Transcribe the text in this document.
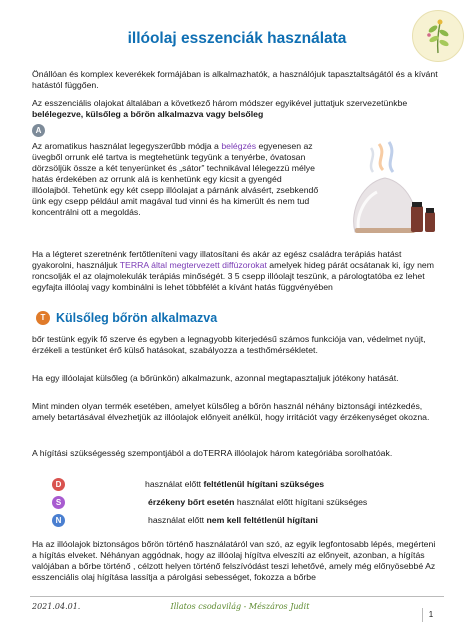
illóolaj esszenciák használata

Önállóan és komplex keverékek formájában is alkalmazhatók, a használójuk tapasztaltságától és a kívánt hatástól függően.

Az esszenciális olajokat általában a következő három módszer egyikével juttatjuk szervezetünkbe belélegezve, külsőleg a bőrön alkalmazva vagy belsőleg

A

Az aromatikus használat legegyszerűbb módja a belégzés egyenesen az üvegből orrunk elé tartva is megtehetünk tegyünk a tenyérbe, óvatosan dörzsöljük össze a két tenyerünket és „sátor” technikával lélegezzü mélye hatás érdekében az orrunk alá is kenhetünk egy kicsit a gyengéd illóolajból. Tehetünk egy két csepp illóolajat a párnánk alvásért, zsebkendő ünk egy csepp például amit magával tud vinni és ha kimerült és nem tud koncentrálni ott a megoldás.

Ha a légteret szeretnénk fertőtleníteni vagy illatosítani és akár az egész családra terápiás hatást gyakorolni, használjuk TERRA által megtervezett diffúzorokat amelyek hideg párát ocsátanak ki, így nem roncsolják el az olajmolekulák terápiás minőségét. 3 5 csepp illóolajt teszünk, a párologtatóba ez lehet egyfajta illóolaj vagy kombinálni is lehet többfélét a kívánt hatás függvényében

T Külsőleg bőrön alkalmazva

bőr testünk egyik fő szerve és egyben a legnagyobb kiterjedésű számos funkciója van, védelmet nyújt, érzékeli a testünket érő külső hatásokat, szabályozza a testhőmérsékletet.

Ha egy illóolajat külsőleg (a bőrünkön) alkalmazunk, azonnal megtapasztaljuk jótékony hatását.

Mint minden olyan termék esetében, amelyet külsőleg a bőrön használ néhány biztonsági intézkedés, amely betartásával élvezhetjük az illóolajok előnyeit anélkül, hogy irritációt vagy érzékenységet okozna.

A hígítási szükségesség szempontjából a doTERRA illóolajok három kategóriába sorolhatóak.

D	használat előtt feltétlenül hígítani szükséges
S	érzékeny bőrt esetén használat előtt hígítani szükséges
N	használat előtt nem kell feltétlenül hígítani

Ha az illóolajok biztonságos bőrön történő használatáról van szó, az egyik legfontosabb lépés, megérteni a hígítás elveket. Néhányan aggódnak, hogy az illóolaj hígítva elveszíti az előnyeit, azonban, a hígítás valójában a bőrbe történő , célzott helyen történő felszívódást teszi lehetővé, amely még előnyösebbé Az esszenciális olaj hígítása lassítja a párolgási sebességet, fokozza a bőrbe

2021.04.01.	Illatos csodavilág - Mészáros Judit
1
